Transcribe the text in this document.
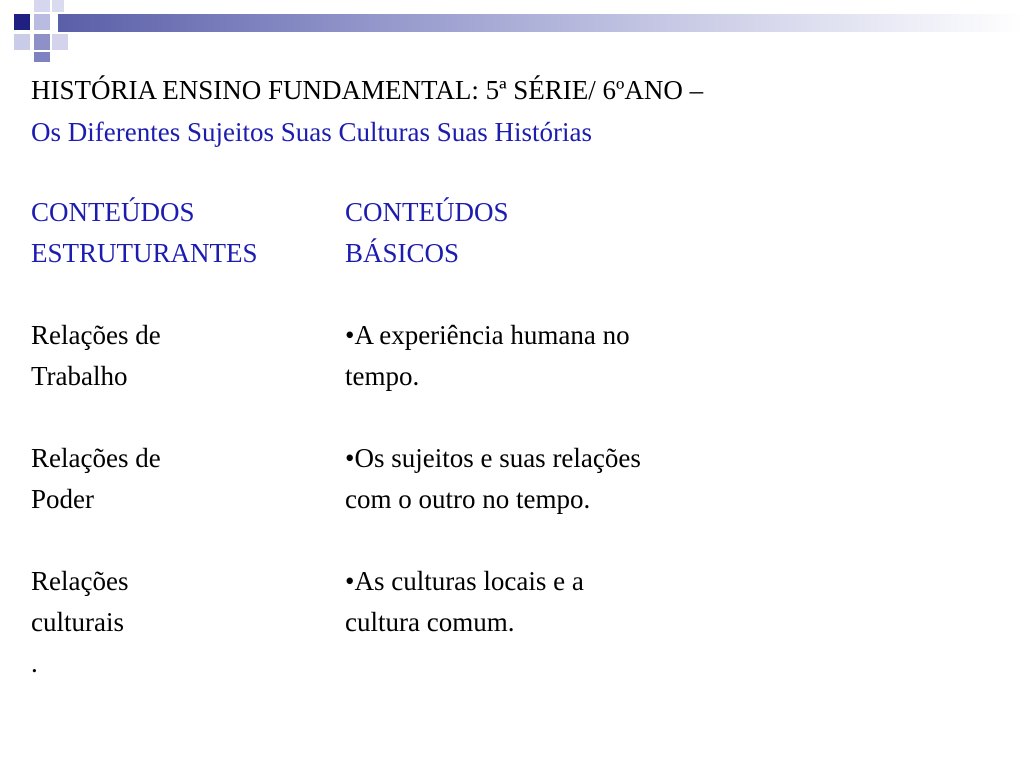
HISTÓRIA ENSINO FUNDAMENTAL: 5ª SÉRIE/ 6ºANO –
Os Diferentes Sujeitos Suas Culturas Suas Histórias
CONTEÚDOS
ESTRUTURANTES
Relações de
Trabalho
Relações de
Poder
Relações
culturais
.
CONTEÚDOS
BÁSICOS
•A experiência humana no
tempo.
•Os sujeitos e suas relações
com o outro no tempo.
•As culturas locais e a
cultura comum.
